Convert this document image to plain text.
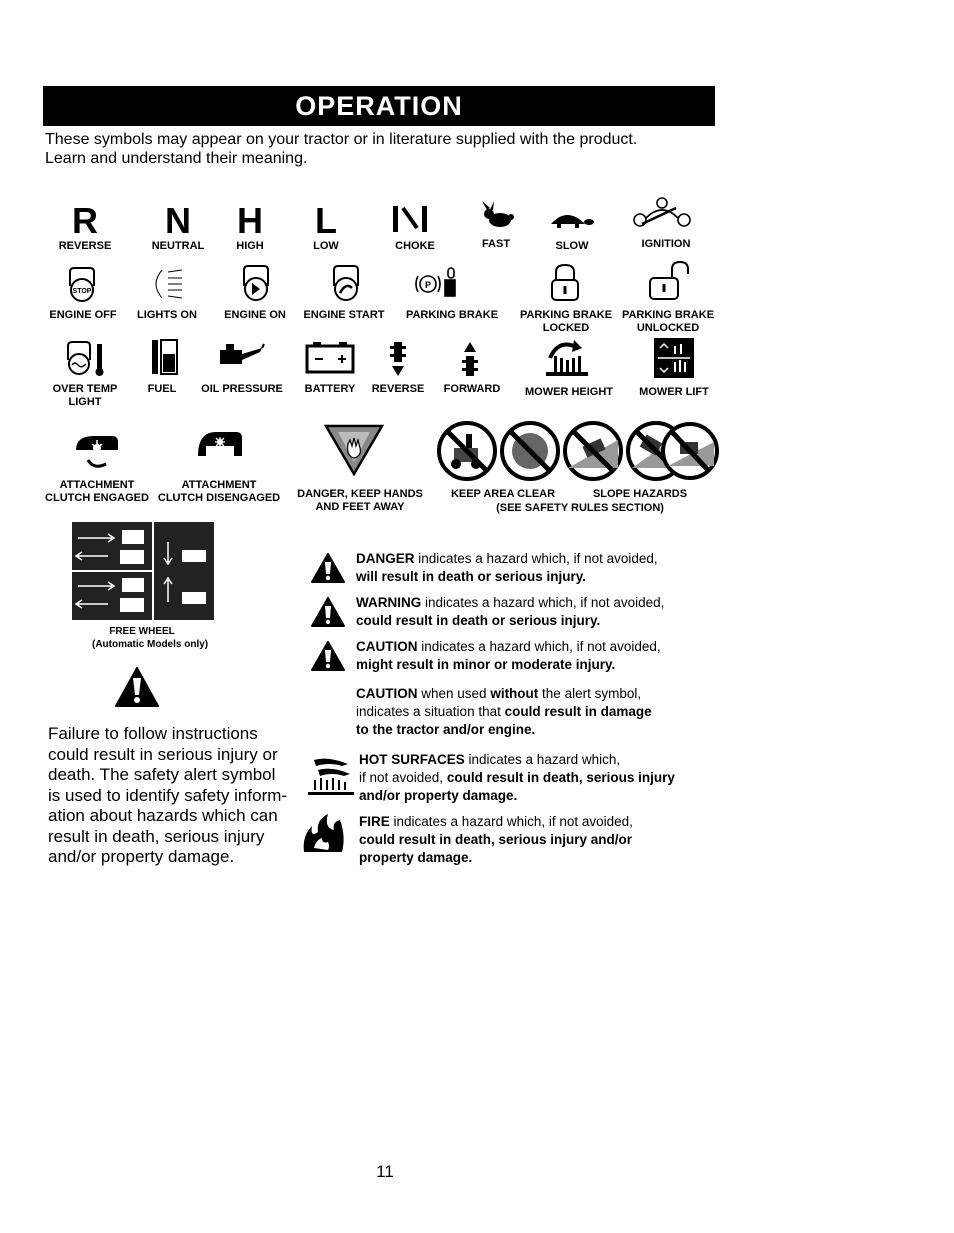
OPERATION
These symbols may appear on your tractor or in literature supplied with the product.
Learn and understand their meaning.
R
REVERSE
N
NEUTRAL
H
HIGH
L
LOW	CHOKE	FAST	SLOW	IGNITION
STOP
ENGINE OFF	LIGHTS ON	ENGINE ON	ENGINE START
P
PARKING BRAKE	PARKING BRAKE
LOCKED
PARKING BRAKE
UNLOCKED
OVER TEMP
LIGHT
FUEL	OIL PRESSURE	BATTERY	REVERSE	FORWARD	MOWER HEIGHT	MOWER LIFT
ATTACHMENT
CLUTCH ENGAGED
ATTACHMENT
CLUTCH DISENGAGED	DANGER, KEEP HANDS
AND FEET AWAY
KEEP AREA CLEAR	SLOPE HAZARDS
(SEE SAFETY RULES SECTION)
FREE WHEEL
(Automatic Models only)
Failure to follow instructions
could result in serious injury or
death. The safety alert symbol
is used to identify safety inform-
ation about hazards which can
result in death, serious injury
and/or property damage.
DANGER indicates a hazard which, if not avoided,
will result in death or serious injury.
WARNING indicates a hazard which, if not avoided,
could result in death or serious injury.
CAUTION indicates a hazard which, if not avoided,
might result in minor or moderate injury.
CAUTION when used without the alert symbol,
indicates a situation that could result in damage
to the tractor and/or engine.
HOT SURFACES indicates a hazard which,
if not avoided, could result in death, serious injury
and/or property damage.
FIRE indicates a hazard which, if not avoided,
could result in death, serious injury and/or
property damage.
11
